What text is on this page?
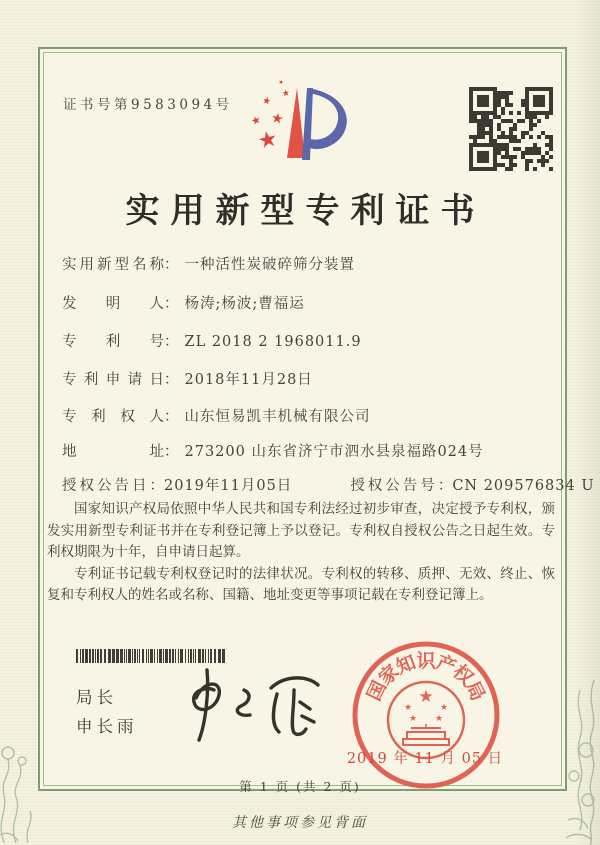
证书号第9583094号
★
★
★
★
★
★
实用新型专利证书
实用新型名称： 一种活性炭破碎筛分装置
发明人： 杨涛;杨波;曹福运
专利号： ZL 2018 2 1968011.9
专利申请日： 2018年11月28日
专利权人： 山东恒易凯丰机械有限公司
地址： 273200 山东省济宁市泗水县泉福路024号
授权公告日：2019年11月05日	授权公告号：CN 209576834 U

国家知识产权局依照中华人民共和国专利法经过初步审查，决定授予专利权，颁发实用新型专利证书并在专利登记簿上予以登记。专利权自授权公告之日起生效。专利权期限为十年，自申请日起算。

专利证书记载专利权登记时的法律状况。专利权的转移、质押、无效、终止、恢复和专利权人的姓名或名称、国籍、地址变更等事项记载在专利登记簿上。

局长
申长雨
★
★	★
★ ★
国
家
知
识
产
权
局
2019 年 11 月 05 日
第 1 页 (共 2 页)
其他事项参见背面
